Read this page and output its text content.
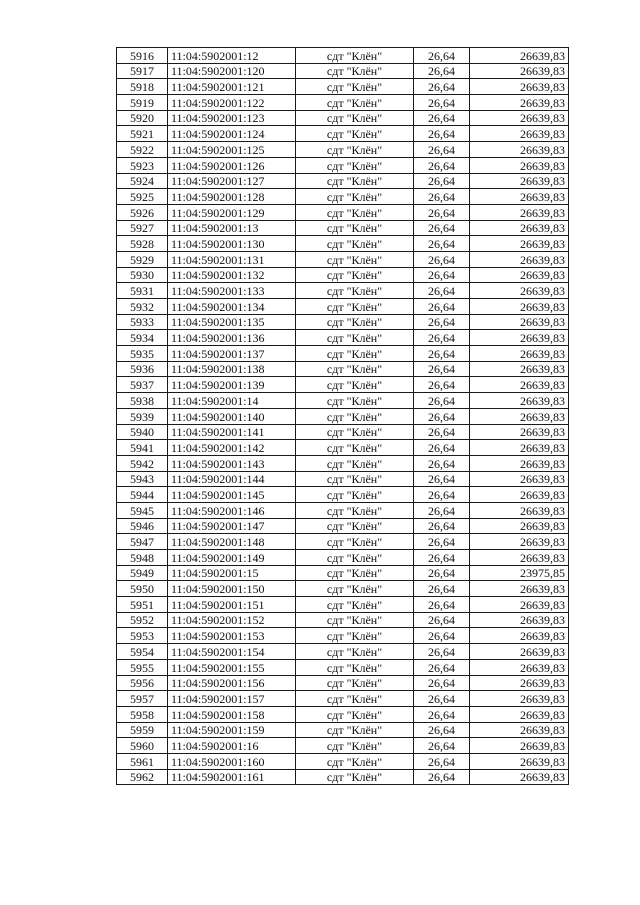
5916	11:04:5902001:12	сдт "Клён"	26,64	26639,83
5917	11:04:5902001:120	сдт "Клён"	26,64	26639,83
5918	11:04:5902001:121	сдт "Клён"	26,64	26639,83
5919	11:04:5902001:122	сдт "Клён"	26,64	26639,83
5920	11:04:5902001:123	сдт "Клён"	26,64	26639,83
5921	11:04:5902001:124	сдт "Клён"	26,64	26639,83
5922	11:04:5902001:125	сдт "Клён"	26,64	26639,83
5923	11:04:5902001:126	сдт "Клён"	26,64	26639,83
5924	11:04:5902001:127	сдт "Клён"	26,64	26639,83
5925	11:04:5902001:128	сдт "Клён"	26,64	26639,83
5926	11:04:5902001:129	сдт "Клён"	26,64	26639,83
5927	11:04:5902001:13	сдт "Клён"	26,64	26639,83
5928	11:04:5902001:130	сдт "Клён"	26,64	26639,83
5929	11:04:5902001:131	сдт "Клён"	26,64	26639,83
5930	11:04:5902001:132	сдт "Клён"	26,64	26639,83
5931	11:04:5902001:133	сдт "Клён"	26,64	26639,83
5932	11:04:5902001:134	сдт "Клён"	26,64	26639,83
5933	11:04:5902001:135	сдт "Клён"	26,64	26639,83
5934	11:04:5902001:136	сдт "Клён"	26,64	26639,83
5935	11:04:5902001:137	сдт "Клён"	26,64	26639,83
5936	11:04:5902001:138	сдт "Клён"	26,64	26639,83
5937	11:04:5902001:139	сдт "Клён"	26,64	26639,83
5938	11:04:5902001:14	сдт "Клён"	26,64	26639,83
5939	11:04:5902001:140	сдт "Клён"	26,64	26639,83
5940	11:04:5902001:141	сдт "Клён"	26,64	26639,83
5941	11:04:5902001:142	сдт "Клён"	26,64	26639,83
5942	11:04:5902001:143	сдт "Клён"	26,64	26639,83
5943	11:04:5902001:144	сдт "Клён"	26,64	26639,83
5944	11:04:5902001:145	сдт "Клён"	26,64	26639,83
5945	11:04:5902001:146	сдт "Клён"	26,64	26639,83
5946	11:04:5902001:147	сдт "Клён"	26,64	26639,83
5947	11:04:5902001:148	сдт "Клён"	26,64	26639,83
5948	11:04:5902001:149	сдт "Клён"	26,64	26639,83
5949	11:04:5902001:15	сдт "Клён"	26,64	23975,85
5950	11:04:5902001:150	сдт "Клён"	26,64	26639,83
5951	11:04:5902001:151	сдт "Клён"	26,64	26639,83
5952	11:04:5902001:152	сдт "Клён"	26,64	26639,83
5953	11:04:5902001:153	сдт "Клён"	26,64	26639,83
5954	11:04:5902001:154	сдт "Клён"	26,64	26639,83
5955	11:04:5902001:155	сдт "Клён"	26,64	26639,83
5956	11:04:5902001:156	сдт "Клён"	26,64	26639,83
5957	11:04:5902001:157	сдт "Клён"	26,64	26639,83
5958	11:04:5902001:158	сдт "Клён"	26,64	26639,83
5959	11:04:5902001:159	сдт "Клён"	26,64	26639,83
5960	11:04:5902001:16	сдт "Клён"	26,64	26639,83
5961	11:04:5902001:160	сдт "Клён"	26,64	26639,83
5962	11:04:5902001:161	сдт "Клён"	26,64	26639,83
